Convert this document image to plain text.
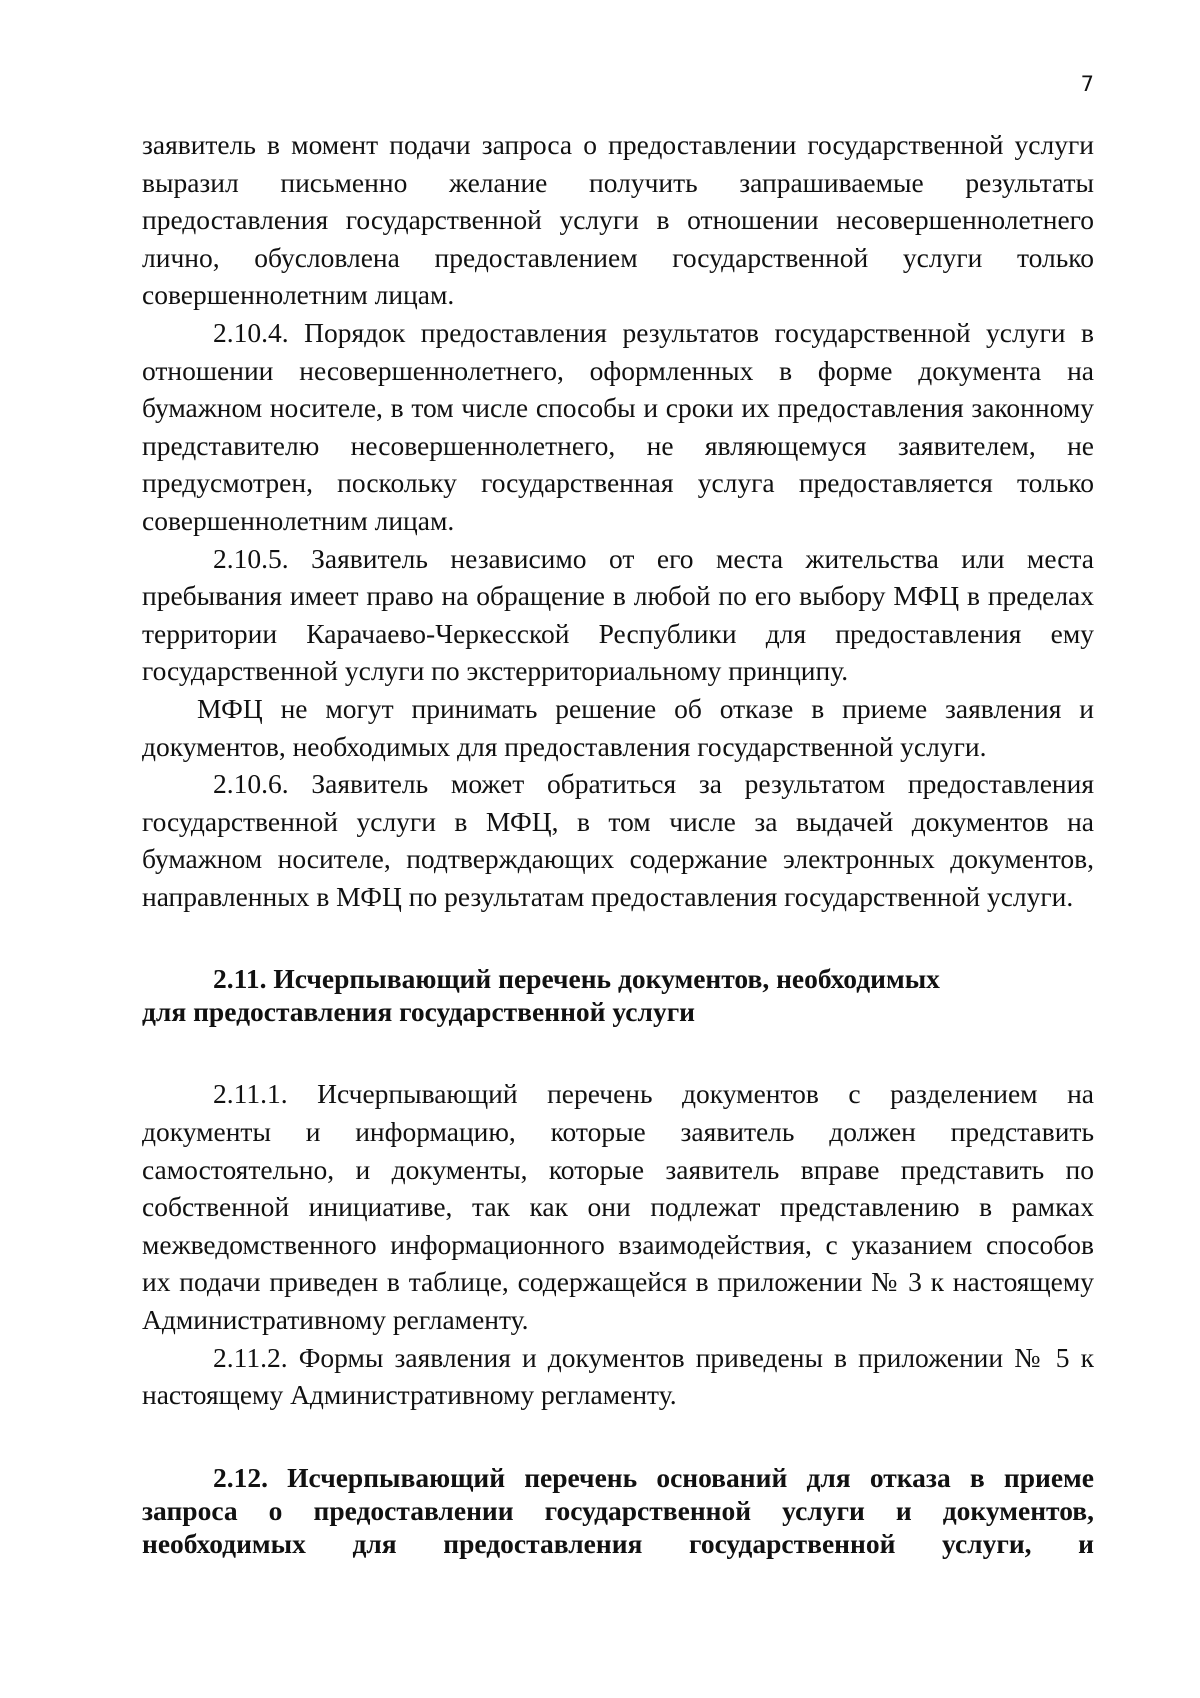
7

заявитель в момент подачи запроса о предоставлении государственной услуги выразил письменно желание получить запрашиваемые результаты предоставления государственной услуги в отношении несовершеннолетнего лично, обусловлена предоставлением государственной услуги только совершеннолетним лицам.

2.10.4. Порядок предоставления результатов государственной услуги в отношении несовершеннолетнего, оформленных в форме документа на бумажном носителе, в том числе способы и сроки их предоставления законному представителю несовершеннолетнего, не являющемуся заявителем, не предусмотрен, поскольку государственная услуга предоставляется только совершеннолетним лицам.

2.10.5. Заявитель независимо от его места жительства или места пребывания имеет право на обращение в любой по его выбору МФЦ в пределах территории Карачаево-Черкесской Республики для предоставления ему государственной услуги по экстерриториальному принципу.

МФЦ не могут принимать решение об отказе в приеме заявления и документов, необходимых для предоставления государственной услуги.

2.10.6. Заявитель может обратиться за результатом предоставления государственной услуги в МФЦ, в том числе за выдачей документов на бумажном носителе, подтверждающих содержание электронных документов, направленных в МФЦ по результатам предоставления государственной услуги.

2.11. Исчерпывающий перечень документов, необходимых
для предоставления государственной услуги

2.11.1. Исчерпывающий перечень документов с разделением на документы и информацию, которые заявитель должен представить самостоятельно, и документы, которые заявитель вправе представить по собственной инициативе, так как они подлежат представлению в рамках межведомственного информационного взаимодействия, с указанием способов их подачи приведен в таблице, содержащейся в приложении № 3 к настоящему Административному регламенту.

2.11.2. Формы заявления и документов приведены в приложении № 5 к настоящему Административному регламенту.

2.12. Исчерпывающий перечень оснований для отказа в приеме
запроса о предоставлении государственной услуги и документов,
необходимых для предоставления государственной услуги, и
